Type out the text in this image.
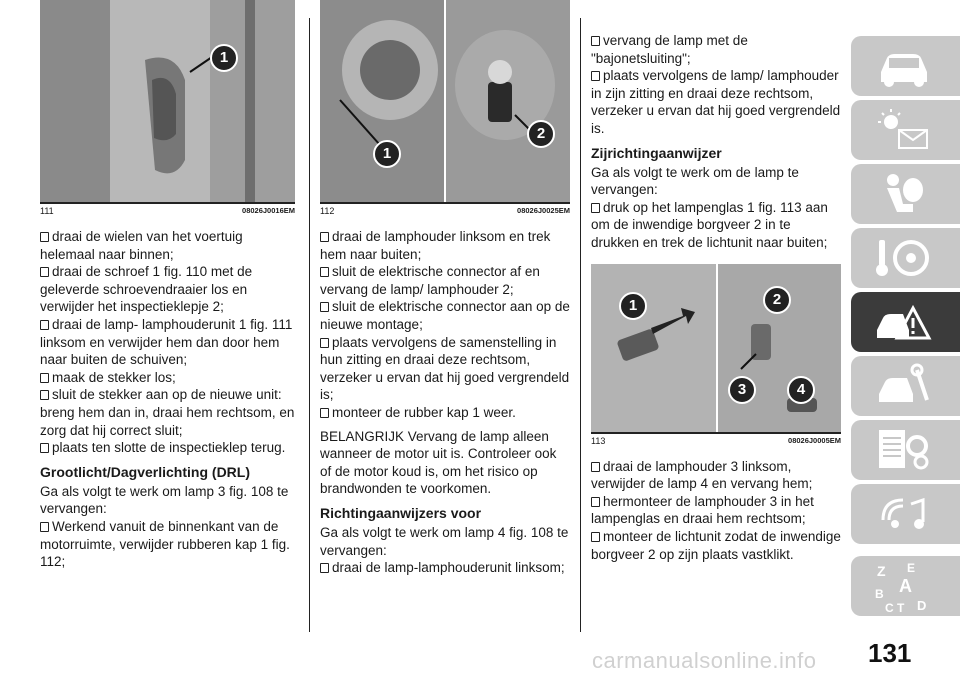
1
111	08026J0016EM
draai de wielen van het voertuig helemaal naar binnen;
draai de schroef 1 fig. 110 met de geleverde schroevendraaier los en verwijder het inspectieklepje 2;
draai de lamp- lamphouderunit 1 fig. 111 linksom en verwijder hem dan door hem naar buiten de schuiven;
maak de stekker los;
sluit de stekker aan op de nieuwe unit: breng hem dan in, draai hem rechtsom, en zorg dat hij correct sluit;
plaats ten slotte de inspectieklep terug.
Grootlicht/Dagverlichting (DRL)
Ga als volgt te werk om lamp 3 fig. 108 te vervangen:
Werkend vanuit de binnenkant van de motorruimte, verwijder rubberen kap 1 fig. 112;
1
2
112	08026J0025EM
draai de lamphouder linksom en trek hem naar buiten;
sluit de elektrische connector af en vervang de lamp/ lamphouder 2;
sluit de elektrische connector aan op de nieuwe montage;
plaats vervolgens de samenstelling in hun zitting en draai deze rechtsom, verzeker u ervan dat hij goed vergrendeld is;
monteer de rubber kap 1 weer.
BELANGRIJK Vervang de lamp alleen wanneer de motor uit is. Controleer ook of de motor koud is, om het risico op brandwonden te voorkomen.
Richtingaanwijzers voor
Ga als volgt te werk om lamp 4 fig. 108 te vervangen:
draai de lamp-lamphouderunit linksom;
vervang de lamp met de "bajonetsluiting";
plaats vervolgens de lamp/ lamphouder in zijn zitting en draai deze rechtsom, verzeker u ervan dat hij goed vergrendeld is.
Zijrichtingaanwijzer
Ga als volgt te werk om de lamp te vervangen:
druk op het lampenglas 1 fig. 113 aan om de inwendige borgveer 2 in te drukken en trek de lichtunit naar buiten;
1	2
3	4
113	08026J0005EM
draai de lamphouder 3 linksom, verwijder de lamp 4 en vervang hem;
hermonteer de lamphouder 3 in het lampenglas en draai hem rechtsom;
monteer de lichtunit zodat de inwendige borgveer 2 op zijn plaats vastklikt.
Z E
B A
C T D
131
carmanualsonline.info
